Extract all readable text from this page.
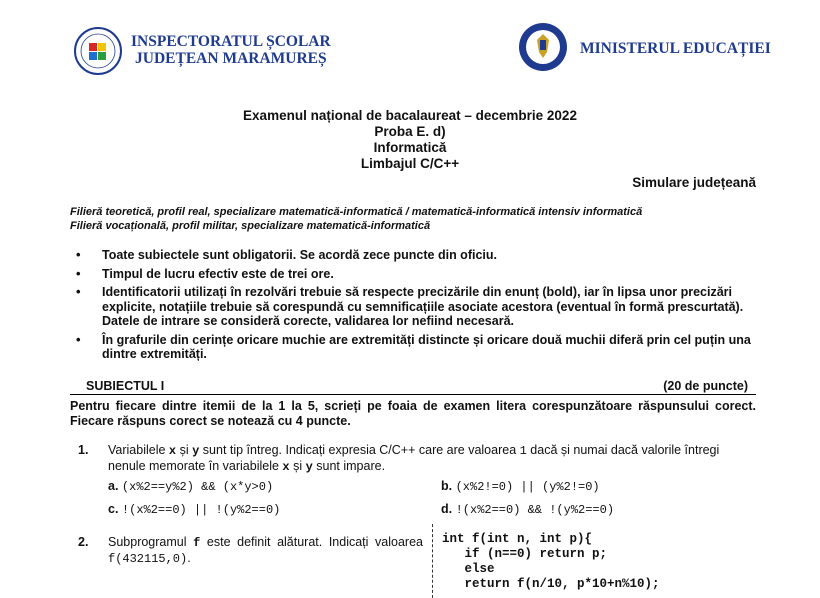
INSPECTORATUL ȘCOLAR
JUDEȚEAN MARAMUREȘ
MINISTERUL EDUCAȚIEI
Examenul național de bacalaureat – decembrie 2022
Proba E. d)
Informatică
Limbajul C/C++
Simulare județeană
Filieră teoretică, profil real, specializare matematică-informatică / matematică-informatică intensiv informatică
Filieră vocațională, profil militar, specializare matematică-informatică
• Toate subiectele sunt obligatorii. Se acordă zece puncte din oficiu.
• Timpul de lucru efectiv este de trei ore.
• Identificatorii utilizați în rezolvări trebuie să respecte precizările din enunț (bold), iar în lipsa unor precizări explicite, notațiile trebuie să corespundă cu semnificațiile asociate acestora (eventual în formă prescurtată). Datele de intrare se consideră corecte, validarea lor nefiind necesară.
• În grafurile din cerințe oricare muchie are extremități distincte și oricare două muchii diferă prin cel puțin una dintre extremități.
SUBIECTUL I	(20 de puncte)
Pentru fiecare dintre itemii de la 1 la 5, scrieți pe foaia de examen litera corespunzătoare răspunsului corect. Fiecare răspuns corect se notează cu 4 puncte.
1. Variabilele x și y sunt tip întreg. Indicați expresia C/C++ care are valoarea 1 dacă și numai dacă valorile întregi nenule memorate în variabilele x și y sunt impare.
a. (x%2==y%2) && (x*y>0)	b. (x%2!=0) || (y%2!=0)
c. !(x%2==0) || !(y%2==0)	d. !(x%2==0) && !(y%2==0)
2. Subprogramul f este definit alăturat. Indicați valoarea f(432115,0).
int f(int n, int p){
if (n==0) return p;
else
return f(n/10, p*10+n%10);
